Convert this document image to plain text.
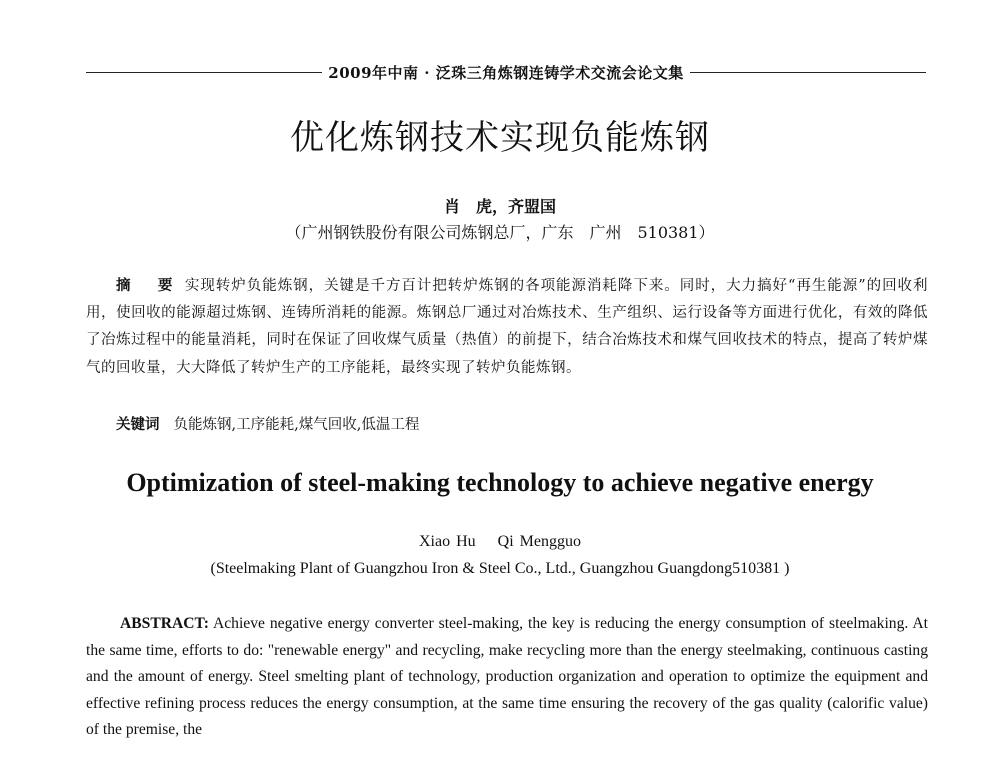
2009年中南 · 泛珠三角炼钢连铸学术交流会论文集
优化炼钢技术实现负能炼钢
肖　虎，齐盟国
（广州钢铁股份有限公司炼钢总厂，广东　广州　510381）
摘　要 实现转炉负能炼钢，关键是千方百计把转炉炼钢的各项能源消耗降下来。同时，大力搞好“再生能源”的回收利用，使回收的能源超过炼钢、连铸所消耗的能源。炼钢总厂通过对冶炼技术、生产组织、运行设备等方面进行优化，有效的降低了冶炼过程中的能量消耗，同时在保证了回收煤气质量（热值）的前提下，结合冶炼技术和煤气回收技术的特点，提高了转炉煤气的回收量，大大降低了转炉生产的工序能耗，最终实现了转炉负能炼钢。
关键词 负能炼钢,工序能耗,煤气回收,低温工程
Optimization of steel-making technology to achieve negative energy
Xiao Hu Qi Mengguo
(Steelmaking Plant of Guangzhou Iron & Steel Co., Ltd., Guangzhou Guangdong510381 )
ABSTRACT: Achieve negative energy converter steel-making, the key is reducing the energy consumption of steelmaking. At the same time, efforts to do: "renewable energy" and recycling, make recycling more than the energy steelmaking, continuous casting and the amount of energy. Steel smelting plant of technology, production organization and operation to optimize the equipment and effective refining process reduces the energy consumption, at the same time ensuring the recovery of the gas quality (calorific value) of the premise, the
